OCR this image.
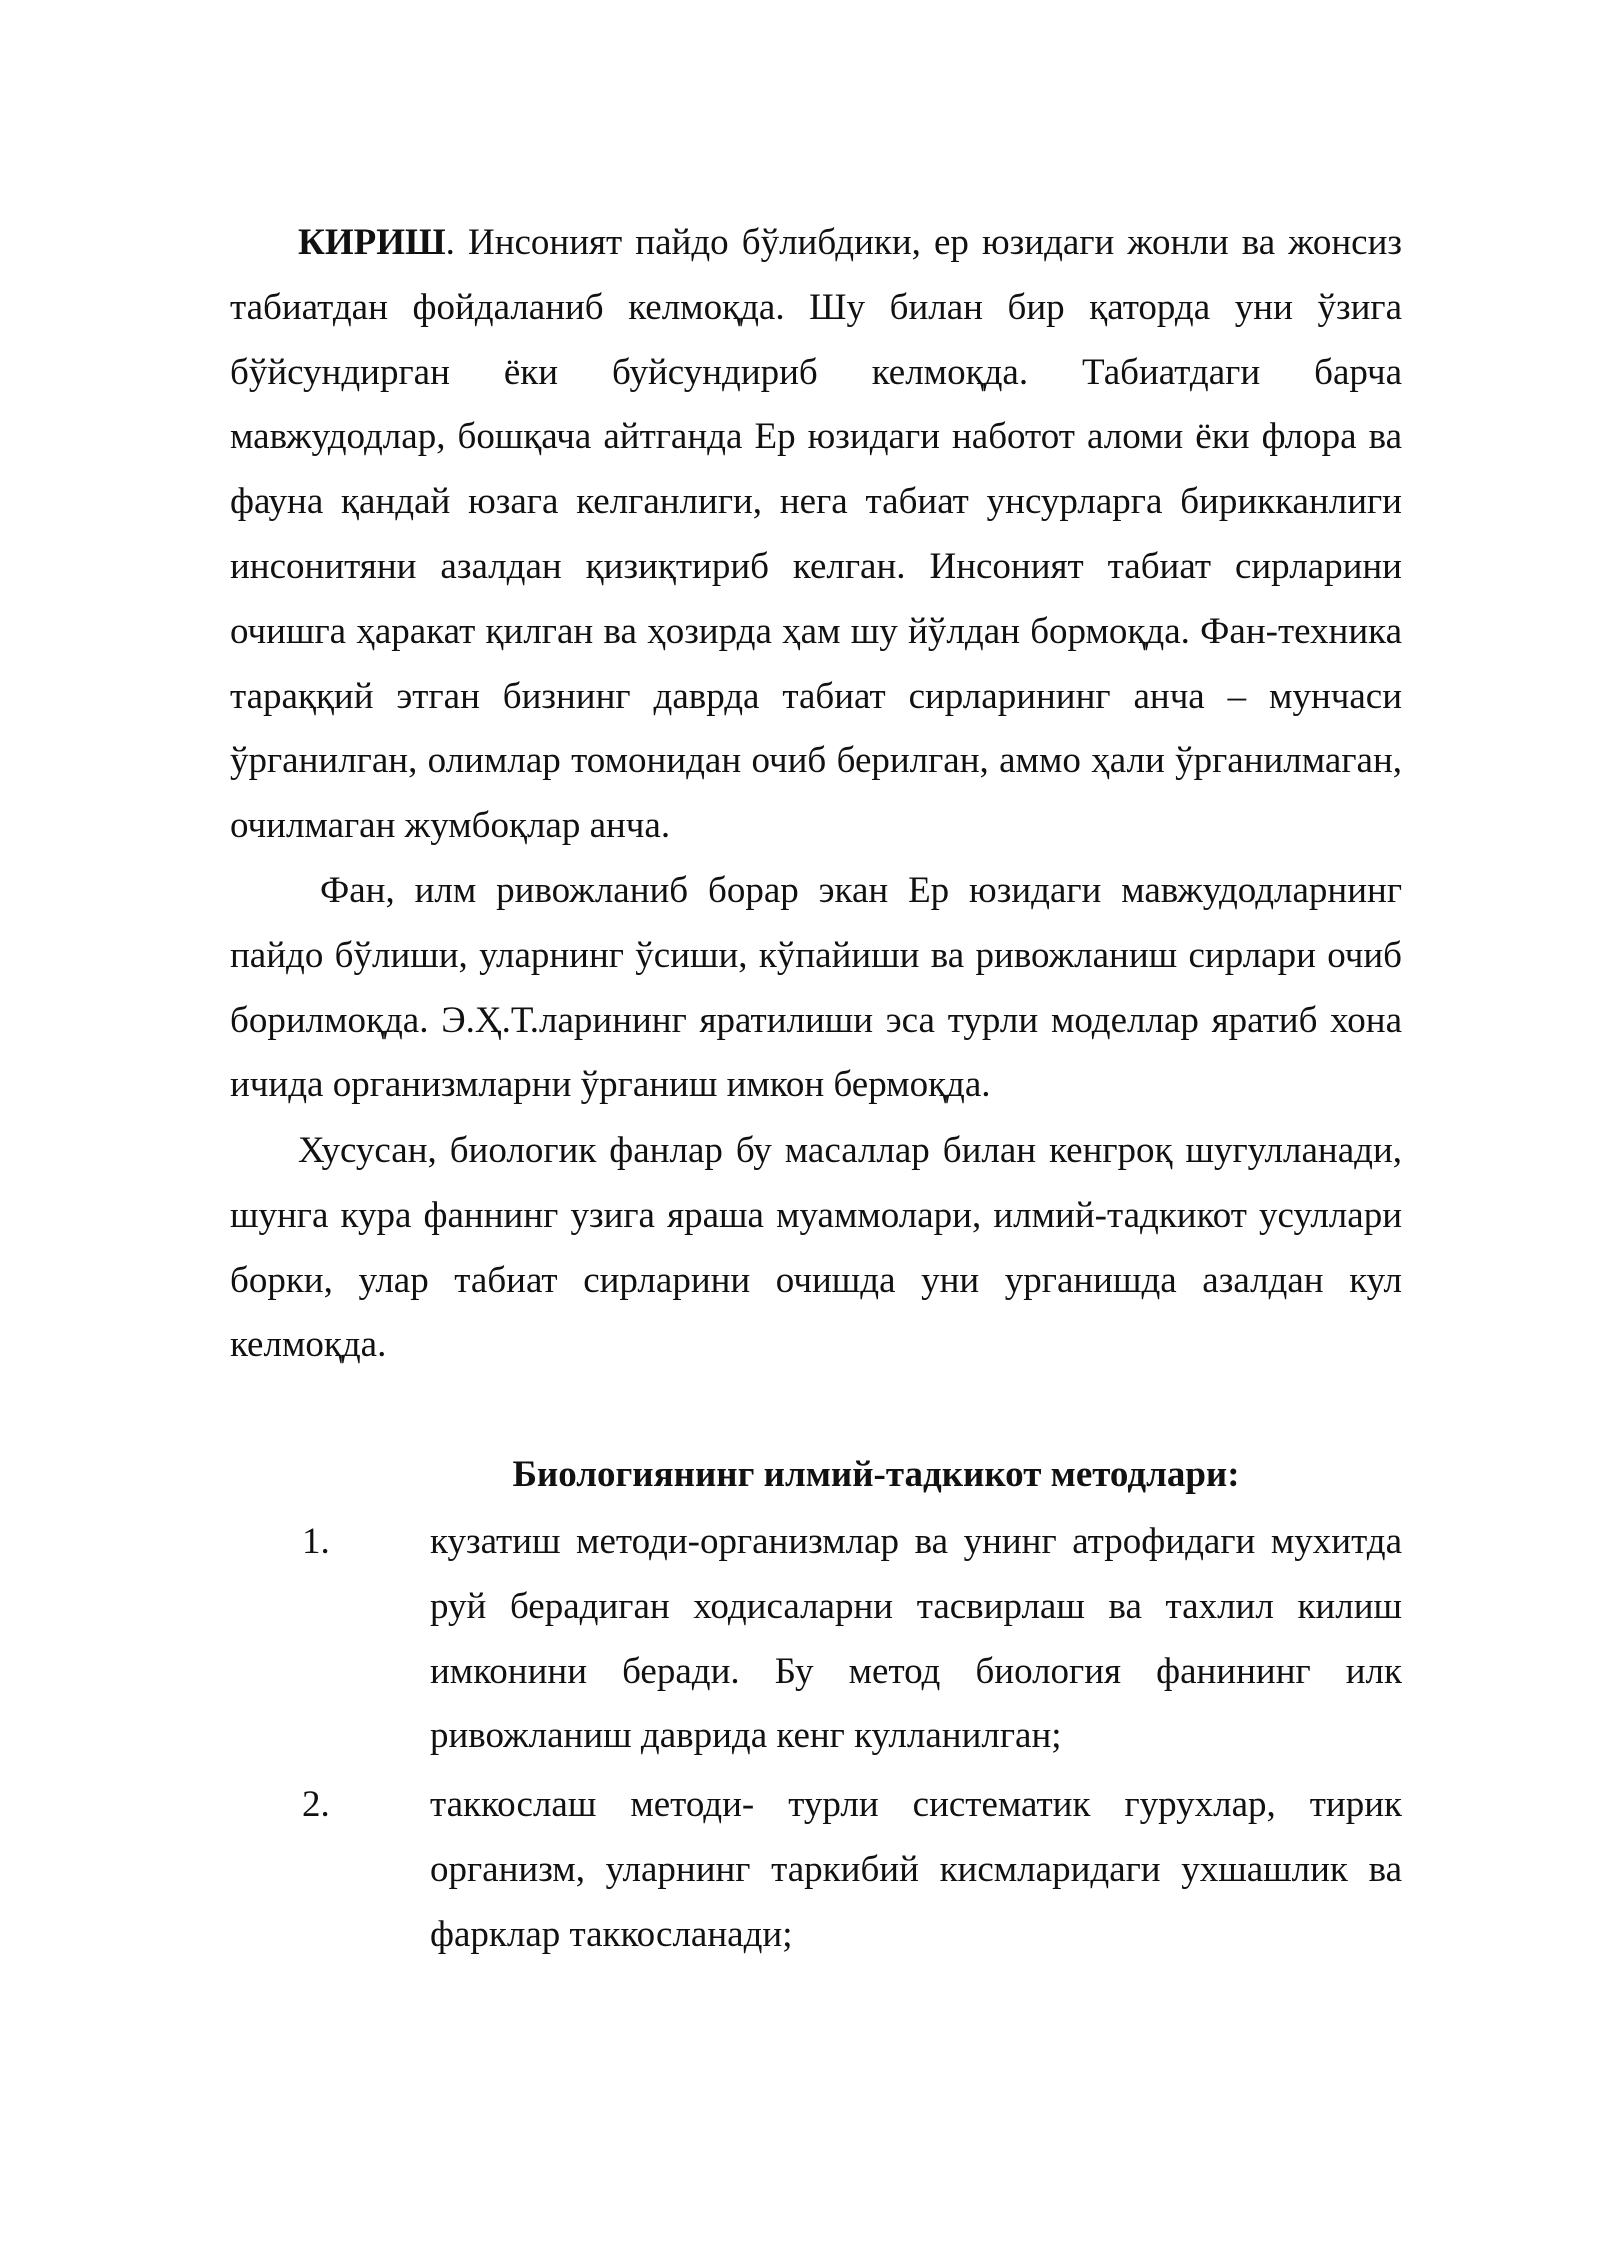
КИРИШ. Инсоният пайдо бўлибдики, ер юзидаги жонли ва жонсиз табиатдан фойдаланиб келмоқда. Шу билан бир қаторда уни ўзига бўйсундирган ёки буйсундириб келмоқда. Табиатдаги барча мавжудодлар, бошқача айтганда Ер юзидаги наботот аломи ёки флора ва фауна қандай юзага келганлиги, нега табиат унсурларга бирикканлиги инсонитяни азалдан қизиқтириб келган. Инсоният табиат сирларини очишга ҳаракат қилган ва ҳозирда ҳам шу йўлдан бормоқда. Фан-техника тараққий этган бизнинг даврда табиат сирларининг анча – мунчаси ўрганилган, олимлар томонидан очиб берилган, аммо ҳали ўрганилмаган, очилмаган жумбоқлар анча.

Фан, илм ривожланиб борар экан Ер юзидаги мавжудодларнинг пайдо бўлиши, уларнинг ўсиши, кўпайиши ва ривожланиш сирлари очиб борилмоқда. Э.Ҳ.Т.ларининг яратилиши эса турли моделлар яратиб хона ичида организмларни ўрганиш имкон бермоқда.

Хусусан, биологик фанлар бу масаллар билан кенгроқ шугулланади, шунга кура фаннинг узига яраша муаммолари, илмий-тадкикот усуллари борки, улар табиат сирларини очишда уни урганишда азалдан кул келмоқда.

Биологиянинг илмий-тадкикот методлари:
1.	кузатиш методи-организмлар ва унинг атрофидаги мухитда руй берадиган ходисаларни тасвирлаш ва тахлил килиш имконини беради. Бу метод биология фанининг илк ривожланиш даврида кенг кулланилган;
2.	таккослаш методи- турли систематик гурухлар, тирик организм, уларнинг таркибий кисмларидаги ухшашлик ва фарклар таккосланади;
